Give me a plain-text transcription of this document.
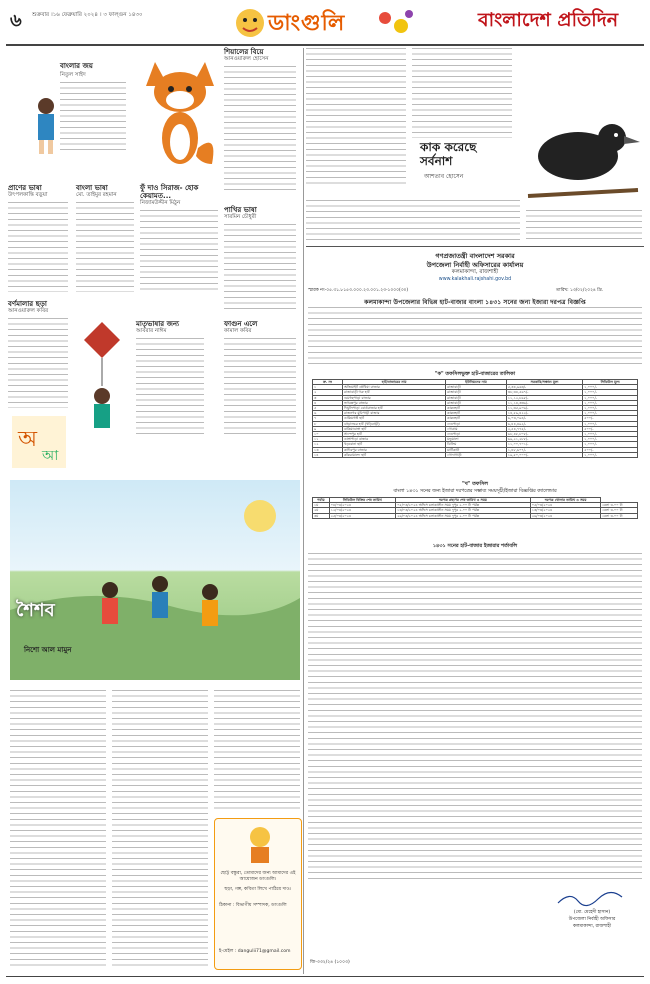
৬ শুক্রবার ।১৬ ফেব্রুয়ারি ২০২৪ । ৩ ফাল্গুন ১৪৩০	ডাংগুলি	বাংলাদেশ প্রতিদিন
বাংলার জয়
নিতুল সাইদ
প্রাণের ভাষা
উৎপলকান্তি বড়ুয়া
বর্ণমালার ছড়া
আনওয়ারুল কবির
অ
আ
বাংলা ভাষা
মো. তাইমুর রহমান
ফুঁ দাও সিরাজ- হোক কেয়ামত...
নিজামউদ্দীন মিঠুন
শিয়ালের বিয়ে
আনওয়ারুল হোসেন
পাখির ভাষা
সারমিন চৌধুরী
মাতৃভাষার জন্য
আবরার নাঈম
ফাগুন এলে
কামাল কবির
শৈশব
নিশো আল মামুন
ছোট্ট বন্ধুরা, তোমাদের জন্য আমাদের এই আয়োজন ডাংগুলি।
ছড়া, গল্প, কবিতা লিখে পাঠিয়ে দাও।
ঠিকানা : বিভাগীয় সম্পাদক, ডাংগুলি
ই-মেইল : dangulii71@gmail.com
কাক করেছে সর্বনাশ
আশতাব হোসেন
গণপ্রজাতন্ত্রী বাংলাদেশ সরকার
উপজেলা নির্বাহী অফিসারের কার্যালয়
কলমাকান্দা, রাজশাহী
www.kalakhali.rajshahi.gov.bd
স্মারক নং-০৫.৩১.৮১৫৩.০০০.২৩.০০১.২৩-১০০০(৩০)	তারিখ: ১৩/০২/২০২৪ খ্রি.
কলমাকান্দা উপজেলার বিভিন্ন হাট-বাজার বাংলা ১৪৩১ সনের জন্য ইজারা দরপত্র বিজ্ঞপ্তি
"ক" তফসিলভুক্ত হাট-বাজারের তালিকা
ক্র. নং	হাট/বাজারের নাম	ইউনিয়নের নাম	সরকারি/সম্ভাব্য মূল্য	সিডিউল মূল্য
১	অজিয়াইট তেঁথিয়া বাজার	রাজাবাড়ী	৫,৩৪,৯৬৩/-	১,০০০/-
২	রাজাবাড়ী গরু হাট	রাজাবাড়ী	৩৮,৩৪,৫৬৭/-	১,০০০/-
৩	গুমগছপাড়া বাজার	রাজাবাড়ী	১১,১২,৮৯৮/-	১,০০০/-
৪	ভগবন্তপুর বাজার	রাজাবাড়ী	১১,১৪,৩৩৬/-	১,০০০/-
৫	দিঘুলিপাড়া বোর্ডবাজার হাট	কাকনহাট	১১,৩৫,৯০৬/-	১,০০০/-
৬	রাজনগর মুচিপাড়ী বাজার	কাকনহাট	১৪,৫৯,৪২২/-	১,০০০/-
৭	ডাকিমগঞ্জ হাট	কাকনহাট	৬,০৩,০৯৪/-	৫০০/-
৮	ঝাড়ালচর হাট (খড়িবাড়ী)	দেওপাড়া	৬,৪৪,৪৯২/-	১,০০০/-
৯	বাকিয়াডাঙ্গা হাট	গোগ্রাম	২,৫৪,৭৭৫/-	৫০০/-
১০	সান্দেপুর হাট	দেওপাড়া	৬৮,৪৮,৮০৮/-	১,০০০/-
১১	ডাঙ্গাপাড়া বাজার	মন্ডুমালা	৬৯,২১,২৮৮/-	১,০০০/-
১২	খড়বোনা হাট	ঝিলিম	১১,০০,৭০১/-	১,০০০/-
১৩	কাদিরপুর বাজার	মাটিকাটা	১,৪৮,৬০৭/-	৫০০/-
১৪	কাঁকরামালদ হাট	গোদাগাড়ী	১৯,৫০,০০০/-	১,০০০/-
"খ" তফসিল
বাংলা ১৪৩১ সনের জন্য ইজারা দরপত্রের সম্ভাব্য সময়সূচী/ইজারা বিজ্ঞপ্তির ক্যালেন্ডার
পর্যায়	সিডিউল বিক্রির শেষ তারিখ	দরপত্র গ্রহণের শেষ তারিখ ও সময়	দরপত্র খোলার তারিখ ও সময়	
১ম	০৪/০৩/২০২৪	০৫/০৩/২০২৪ অফিস চলাকালীন সময় দুপুর ২.০০ টা পর্যন্ত	০৫/০৩/২০২৪	বেলা ৩.০০ টা
২য়	১২/০৩/২০২৪	১৩/০৩/২০২৪ অফিস চলাকালীন সময় দুপুর ২.০০ টা পর্যন্ত	১৩/০৩/২০২৪	বেলা ৩.০০ টা
৩য়	২৫/০৩/২০২৪	২৬/০৩/২০২৪ অফিস চলাকালীন সময় দুপুর ২.০০ টা পর্যন্ত	২৬/০৩/২০২৪	বেলা ৩.০০ টা
১৪৩১ সনের হাট-বাজার ইজারার শর্তাবলি
(মো. মেহেদী হাসান)
উপজেলা নির্বাহী অফিসার
কলমাকান্দা, রাজশাহী
জি-৩৩২/২৪ (১০০৩)
